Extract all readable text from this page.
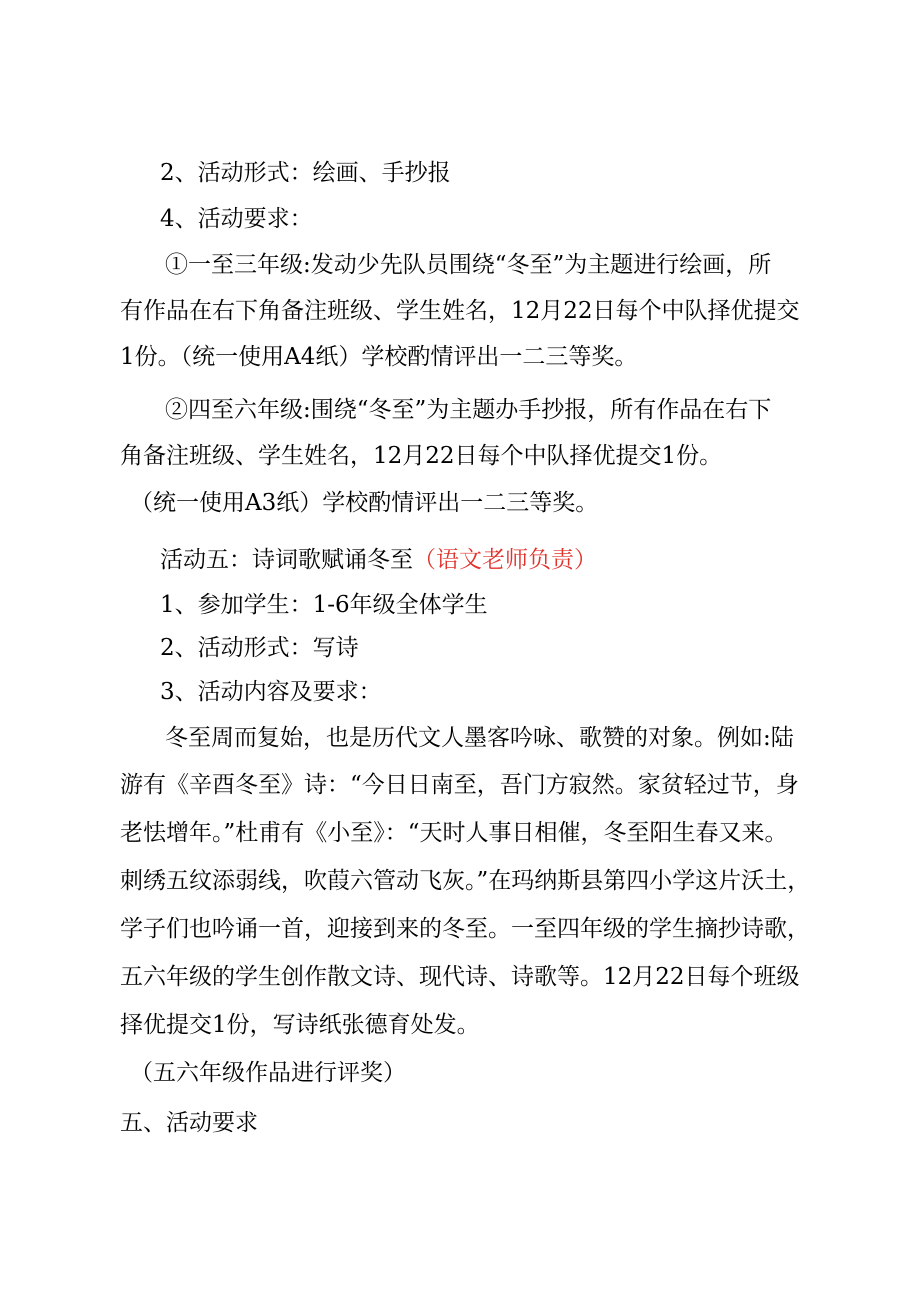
2、活动形式：绘画、手抄报
4、活动要求：
①一至三年级:发动少先队员围绕“冬至”为主题进行绘画，所
有作品在右下角备注班级、学生姓名，12月22日每个中队择优提交
1份。（统一使用A4纸）学校酌情评出一二三等奖。
②四至六年级:围绕“冬至”为主题办手抄报，所有作品在右下
角备注班级、学生姓名，12月22日每个中队择优提交1份。
（统一使用A3纸）学校酌情评出一二三等奖。
活动五：诗词歌赋诵冬至（语文老师负责）
1、参加学生：1-6年级全体学生
2、活动形式：写诗
3、活动内容及要求：
冬至周而复始，也是历代文人墨客吟咏、歌赞的对象。例如:陆
游有《辛酉冬至》诗：“今日日南至，吾门方寂然。家贫轻过节，身
老怯增年。”杜甫有《小至》：“天时人事日相催，冬至阳生春又来。
刺绣五纹添弱线，吹葭六管动飞灰。”在玛纳斯县第四小学这片沃土，
学子们也吟诵一首，迎接到来的冬至。一至四年级的学生摘抄诗歌，
五六年级的学生创作散文诗、现代诗、诗歌等。12月22日每个班级
择优提交1份，写诗纸张德育处发。
（五六年级作品进行评奖）
五、活动要求
